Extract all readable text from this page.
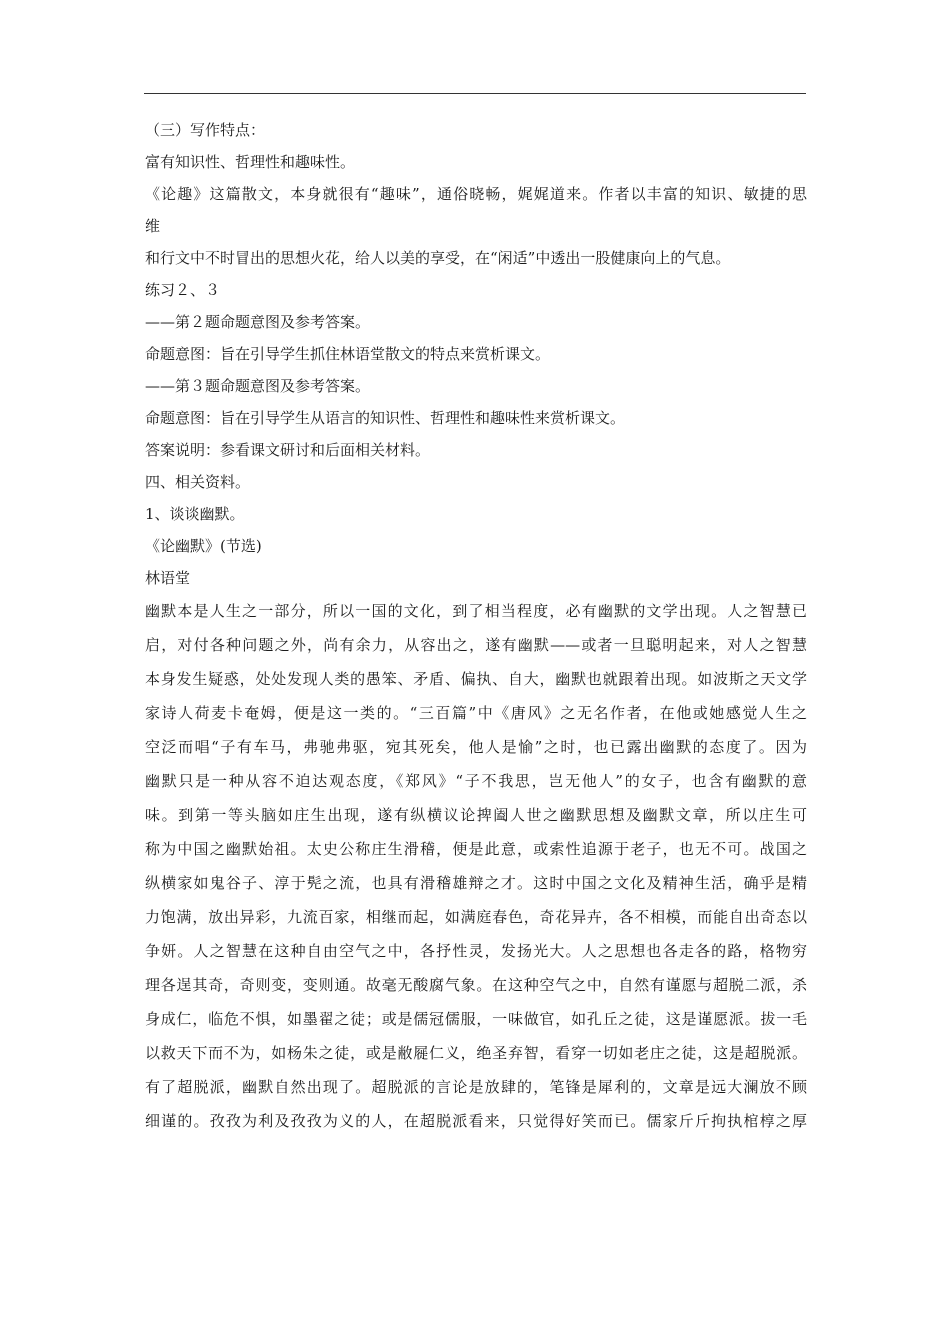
（三）写作特点：
富有知识性、哲理性和趣味性。
《论趣》这篇散文，本身就很有“趣味”，通俗晓畅，娓娓道来。作者以丰富的知识、敏捷的思
维
和行文中不时冒出的思想火花，给人以美的享受，在“闲适”中透出一股健康向上的气息。
练习２、３
——第２题命题意图及参考答案。
命题意图：旨在引导学生抓住林语堂散文的特点来赏析课文。
——第３题命题意图及参考答案。
命题意图：旨在引导学生从语言的知识性、哲理性和趣味性来赏析课文。
答案说明：参看课文研讨和后面相关材料。
四、相关资料。
1、谈谈幽默。
《论幽默》(节选)
林语堂
幽默本是人生之一部分，所以一国的文化，到了相当程度，必有幽默的文学出现。人之智慧已
启，对付各种问题之外，尚有余力，从容出之，遂有幽默——或者一旦聪明起来，对人之智慧
本身发生疑惑，处处发现人类的愚笨、矛盾、偏执、自大，幽默也就跟着出现。如波斯之天文学
家诗人荷麦卡奄姆，便是这一类的。“三百篇”中《唐风》之无名作者，在他或她感觉人生之
空泛而唱“子有车马，弗驰弗驱，宛其死矣，他人是愉”之时，也已露出幽默的态度了。因为
幽默只是一种从容不迫达观态度，《郑风》“子不我思，岂无他人”的女子，也含有幽默的意
味。到第一等头脑如庄生出现，遂有纵横议论捭阖人世之幽默思想及幽默文章，所以庄生可
称为中国之幽默始祖。太史公称庄生滑稽，便是此意，或索性追源于老子，也无不可。战国之
纵横家如鬼谷子、淳于髡之流，也具有滑稽雄辩之才。这时中国之文化及精神生活，确乎是精
力饱满，放出异彩，九流百家，相继而起，如满庭春色，奇花异卉，各不相模，而能自出奇态以
争妍。人之智慧在这种自由空气之中，各抒性灵，发扬光大。人之思想也各走各的路，格物穷
理各逞其奇，奇则变，变则通。故毫无酸腐气象。在这种空气之中，自然有谨愿与超脱二派，杀
身成仁，临危不惧，如墨翟之徒；或是儒冠儒服，一味做官，如孔丘之徒，这是谨愿派。拔一毛
以救天下而不为，如杨朱之徒，或是敝屣仁义，绝圣弃智，看穿一切如老庄之徒，这是超脱派。
有了超脱派，幽默自然出现了。超脱派的言论是放肆的，笔锋是犀利的，文章是远大澜放不顾
细谨的。孜孜为利及孜孜为义的人，在超脱派看来，只觉得好笑而已。儒家斤斤拘执棺椁之厚
